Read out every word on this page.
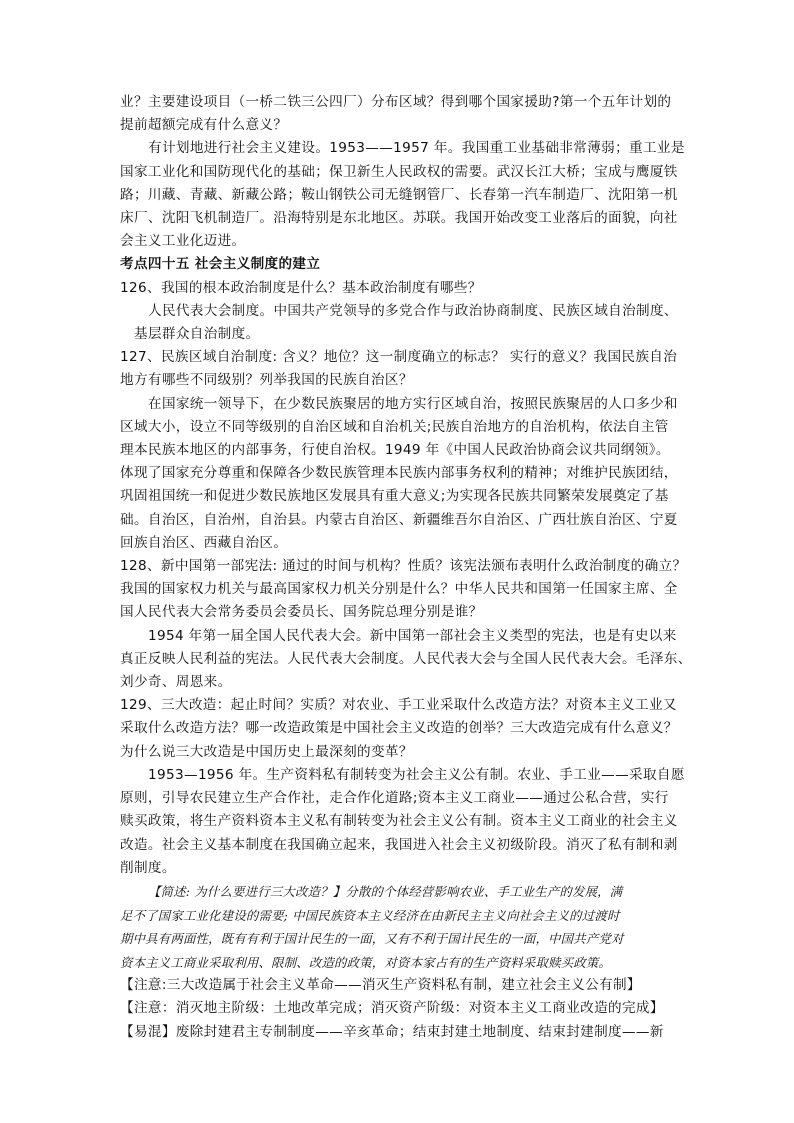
业？主要建设项目（一桥二铁三公四厂）分布区域？得到哪个国家援助?第一个五年计划的

提前超额完成有什么意义？

有计划地进行社会主义建设。1953——1957 年。我国重工业基础非常薄弱；重工业是

国家工业化和国防现代化的基础；保卫新生人民政权的需要。武汉长江大桥；宝成与鹰厦铁

路；川藏、青藏、新藏公路；鞍山钢铁公司无缝钢管厂、长春第一汽车制造厂、沈阳第一机

床厂、沈阳飞机制造厂。沿海特别是东北地区。苏联。我国开始改变工业落后的面貌，向社

会主义工业化迈进。

考点四十五 社会主义制度的建立

126、我国的根本政治制度是什么？基本政治制度有哪些？

人民代表大会制度。中国共产党领导的多党合作与政治协商制度、民族区域自治制度、

基层群众自治制度。

127、民族区域自治制度: 含义？地位？这一制度确立的标志？ 实行的意义？我国民族自治

地方有哪些不同级别？列举我国的民族自治区？

在国家统一领导下，在少数民族聚居的地方实行区域自治，按照民族聚居的人口多少和

区域大小，设立不同等级别的自治区域和自治机关;民族自治地方的自治机构，依法自主管

理本民族本地区的内部事务，行使自治权。1949 年《中国人民政治协商会议共同纲领》。

体现了国家充分尊重和保障各少数民族管理本民族内部事务权利的精神；对维护民族团结，

巩固祖国统一和促进少数民族地区发展具有重大意义;为实现各民族共同繁荣发展奠定了基

础。自治区，自治州，自治县。内蒙古自治区、新疆维吾尔自治区、广西壮族自治区、宁夏

回族自治区、西藏自治区。

128、新中国第一部宪法: 通过的时间与机构？性质？该宪法颁布表明什么政治制度的确立？

我国的国家权力机关与最高国家权力机关分别是什么？中华人民共和国第一任国家主席、全

国人民代表大会常务委员会委员长、国务院总理分别是谁？

1954 年第一届全国人民代表大会。新中国第一部社会主义类型的宪法，也是有史以来

真正反映人民利益的宪法。人民代表大会制度。人民代表大会与全国人民代表大会。毛泽东、

刘少奇、周恩来。

129、三大改造：起止时间？实质？对农业、手工业采取什么改造方法？对资本主义工业又

采取什么改造方法？哪一改造政策是中国社会主义改造的创举？三大改造完成有什么意义？

为什么说三大改造是中国历史上最深刻的变革？

1953—1956 年。生产资料私有制转变为社会主义公有制。农业、手工业——采取自愿

原则，引导农民建立生产合作社，走合作化道路;资本主义工商业——通过公私合营，实行

赎买政策，将生产资料资本主义私有制转变为社会主义公有制。资本主义工商业的社会主义

改造。社会主义基本制度在我国确立起来，我国进入社会主义初级阶段。消灭了私有制和剥

削制度。

【简述: 为什么要进行三大改造？】分散的个体经营影响农业、手工业生产的发展，满

足不了国家工业化建设的需要; 中国民族资本主义经济在由新民主主义向社会主义的过渡时

期中具有两面性，既有有利于国计民生的一面，又有不利于国计民生的一面，中国共产党对

资本主义工商业采取利用、限制、改造的政策，对资本家占有的生产资料采取赎买政策。

【注意:三大改造属于社会主义革命——消灭生产资料私有制，建立社会主义公有制】

【注意：消灭地主阶级：土地改革完成；消灭资产阶级：对资本主义工商业改造的完成】

【易混】废除封建君主专制制度——辛亥革命；结束封建土地制度、结束封建制度——新
